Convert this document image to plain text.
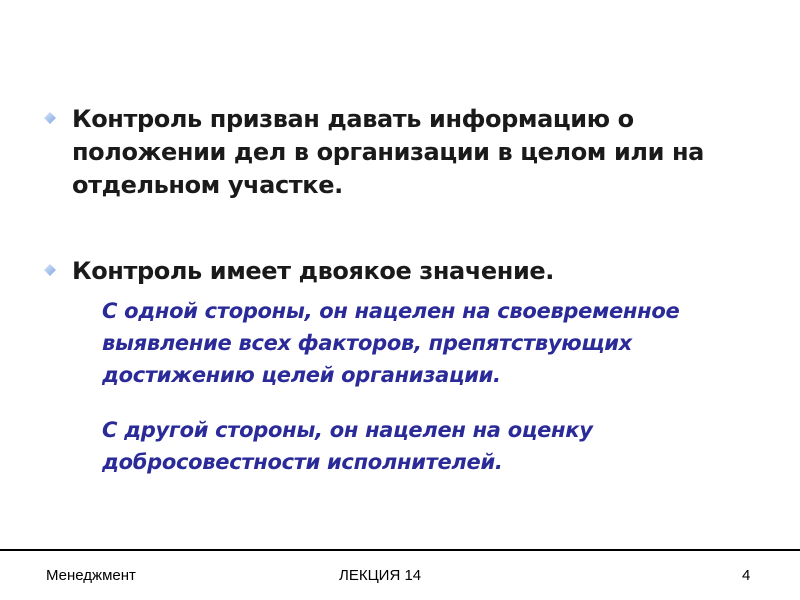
Контроль призван давать информацию о положении дел в организации в целом или на отдельном участке.
Контроль имеет двоякое значение.
С одной стороны, он нацелен на своевременное выявление всех факторов, препятствующих достижению целей организации.
С другой стороны, он нацелен на оценку добросовестности исполнителей.
Менеджмент	ЛЕКЦИЯ 14	4
